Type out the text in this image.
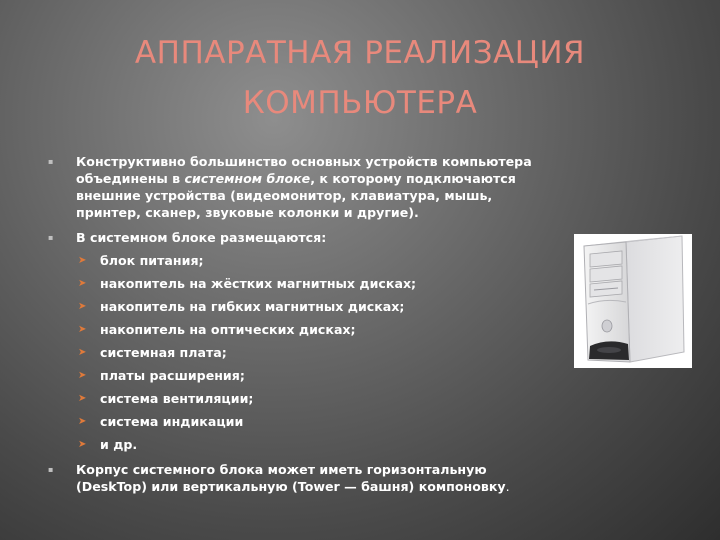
АППАРАТНАЯ РЕАЛИЗАЦИЯ
КОМПЬЮТЕРА
▪	Конструктивно большинство основных устройств компьютера объединены в системном блоке, к которому подключаются внешние устройства (видеомонитор, клавиатура, мышь, принтер, сканер, звуковые колонки и другие).
▪	В системном блоке размещаются:
➤ блок питания;
➤ накопитель на жёстких магнитных дисках;
➤ накопитель на гибких магнитных дисках;
➤ накопитель на оптических дисках;
➤ системная плата;
➤ платы расширения;
➤ система вентиляции;
➤ система индикации
➤ и др.
▪	Корпус системного блока может иметь горизонтальную (DeskTop) или вертикальную (Tower — башня) компоновку.
